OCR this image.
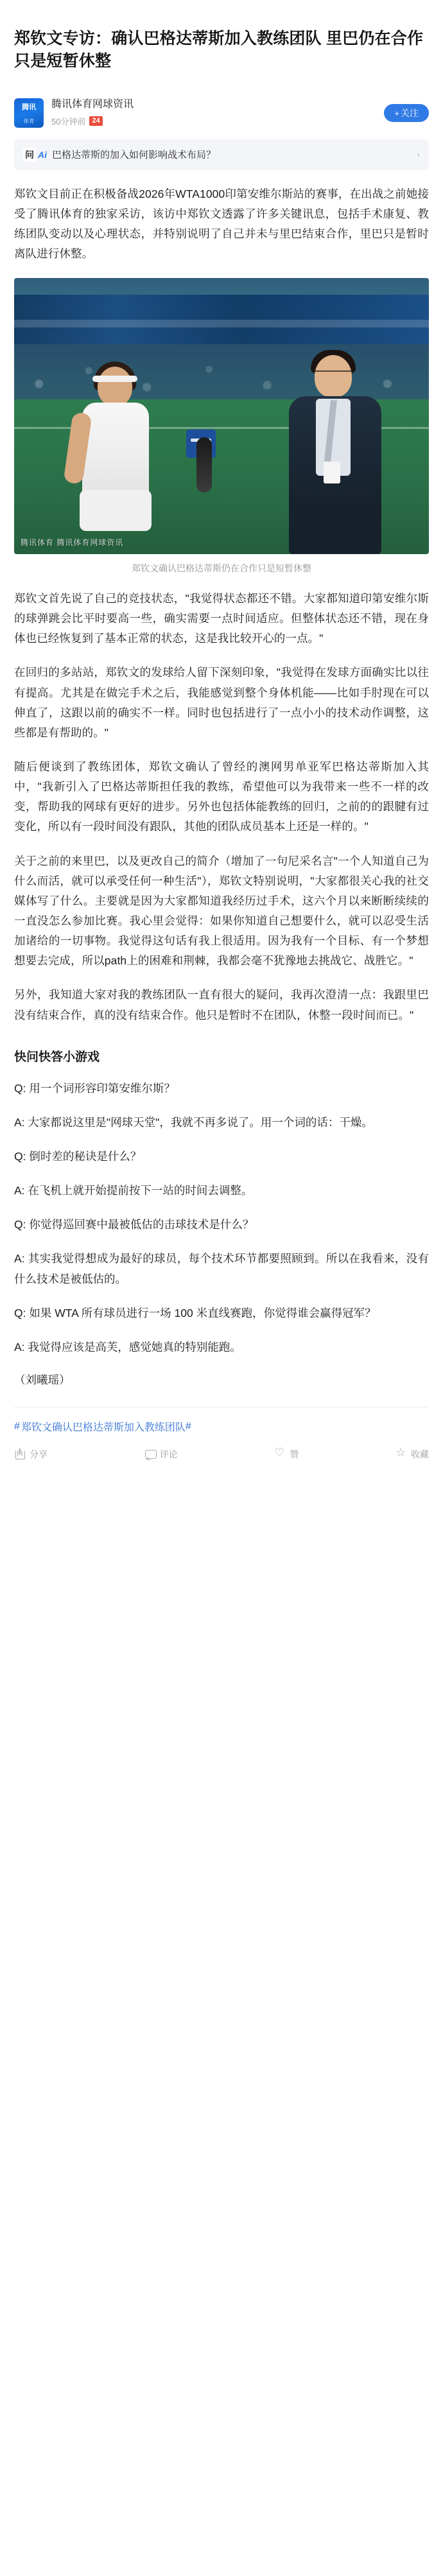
郑钦文专访：确认巴格达蒂斯加入教练团队 里巴仍在合作只是短暂休整
腾讯
体育
腾讯体育网球资讯
50分钟前 24
+ 关注
问 Ai 巴格达蒂斯的加入如何影响战术布局？	›

郑钦文目前正在积极备战2026年WTA1000印第安维尔斯站的赛事，在出战之前她接受了腾讯体育的独家采访，该访中郑钦文透露了许多关键讯息，包括手术康复、教练团队变动以及心理状态，并特别说明了自己并未与里巴结束合作，里巴只是暂时离队进行休整。

腾讯体育 腾讯体育网球资讯
郑钦文确认巴格达蒂斯仍在合作只是短暂休整

郑钦文首先说了自己的竞技状态，"我觉得状态都还不错。大家都知道印第安维尔斯的球弹跳会比平时要高一些，确实需要一点时间适应。但整体状态还不错，现在身体也已经恢复到了基本正常的状态，这是我比较开心的一点。"

在回归的多站站，郑钦文的发球给人留下深刻印象，"我觉得在发球方面确实比以往有提高。尤其是在做完手术之后，我能感觉到整个身体机能——比如手肘现在可以伸直了，这跟以前的确实不一样。同时也包括进行了一点小小的技术动作调整，这些都是有帮助的。"

随后便谈到了教练团体，郑钦文确认了曾经的澳网男单亚军巴格达蒂斯加入其中，"我新引入了巴格达蒂斯担任我的教练，希望他可以为我带来一些不一样的改变，帮助我的网球有更好的进步。另外也包括体能教练的回归，之前的的跟腱有过变化，所以有一段时间没有跟队，其他的团队成员基本上还是一样的。"

关于之前的来里巴，以及更改自己的简介（增加了一句尼采名言"一个人知道自己为什么而活，就可以承受任何一种生活"），郑钦文特别说明，"大家都很关心我的社交媒体写了什么。主要就是因为大家都知道我经历过手术，这六个月以来断断续续的一直没怎么参加比赛。我心里会觉得：如果你知道自己想要什么，就可以忍受生活加诸给的一切事物。我觉得这句话有我上很适用。因为我有一个目标、有一个梦想想要去完成，所以path上的困难和荆棘，我都会毫不犹豫地去挑战它、战胜它。"

另外，我知道大家对我的教练团队一直有很大的疑问，我再次澄清一点：我跟里巴没有结束合作，真的没有结束合作。他只是暂时不在团队，休整一段时间而已。"

快问快答小游戏

Q: 用一个词形容印第安维尔斯？

A: 大家都说这里是"网球天堂"，我就不再多说了。用一个词的话：干燥。

Q: 倒时差的秘诀是什么？

A: 在飞机上就开始提前按下一站的时间去调整。

Q: 你觉得巡回赛中最被低估的击球技术是什么？

A: 其实我觉得想成为最好的球员，每个技术环节都要照顾到。所以在我看来，没有什么技术是被低估的。

Q: 如果 WTA 所有球员进行一场 100 米直线赛跑，你觉得谁会赢得冠军？

A: 我觉得应该是高芙，感觉她真的特别能跑。

（刘曦瑶）

# 郑钦文确认巴格达蒂斯加入教练团队 #
分享	评论 ♡	赞 ☆	收藏
